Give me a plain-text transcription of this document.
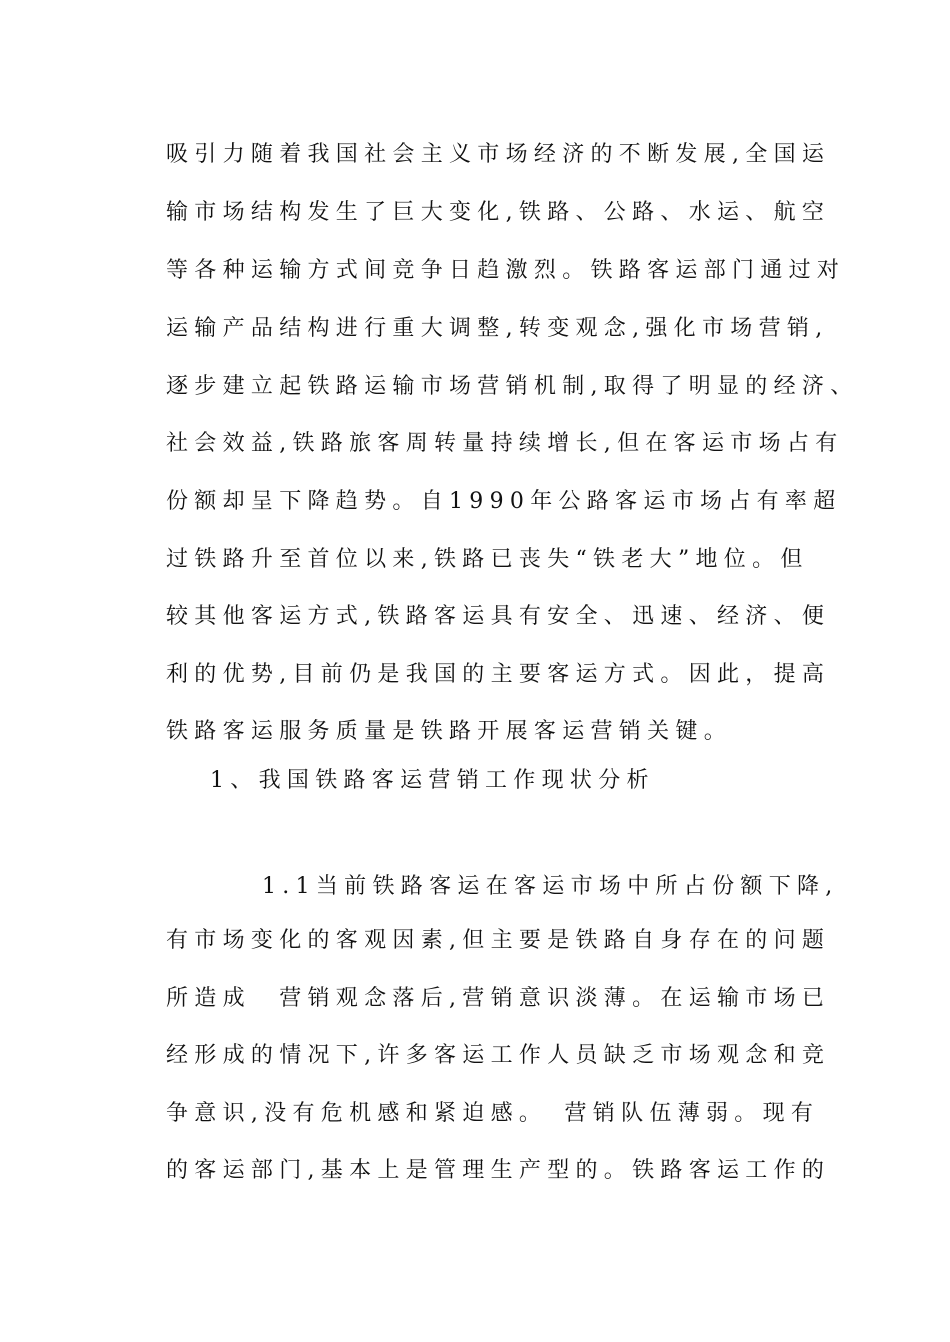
吸引力随着我国社会主义市场经济的不断发展,全国运
输市场结构发生了巨大变化,铁路、公路、水运、航空
等各种运输方式间竞争日趋激烈。铁路客运部门通过对
运输产品结构进行重大调整,转变观念,强化市场营销,
逐步建立起铁路运输市场营销机制,取得了明显的经济、
社会效益,铁路旅客周转量持续增长,但在客运市场占有
份额却呈下降趋势。自1990年公路客运市场占有率超
过铁路升至首位以来,铁路已丧失“铁老大”地位。但
较其他客运方式,铁路客运具有安全、迅速、经济、便
利的优势,目前仍是我国的主要客运方式。因此，提高
铁路客运服务质量是铁路开展客运营销关键。
1、我国铁路客运营销工作现状分析
1.1当前铁路客运在客运市场中所占份额下降,
有市场变化的客观因素,但主要是铁路自身存在的问题
所造成　营销观念落后,营销意识淡薄。在运输市场已
经形成的情况下,许多客运工作人员缺乏市场观念和竞
争意识,没有危机感和紧迫感。　营销队伍薄弱。现有
的客运部门,基本上是管理生产型的。铁路客运工作的
